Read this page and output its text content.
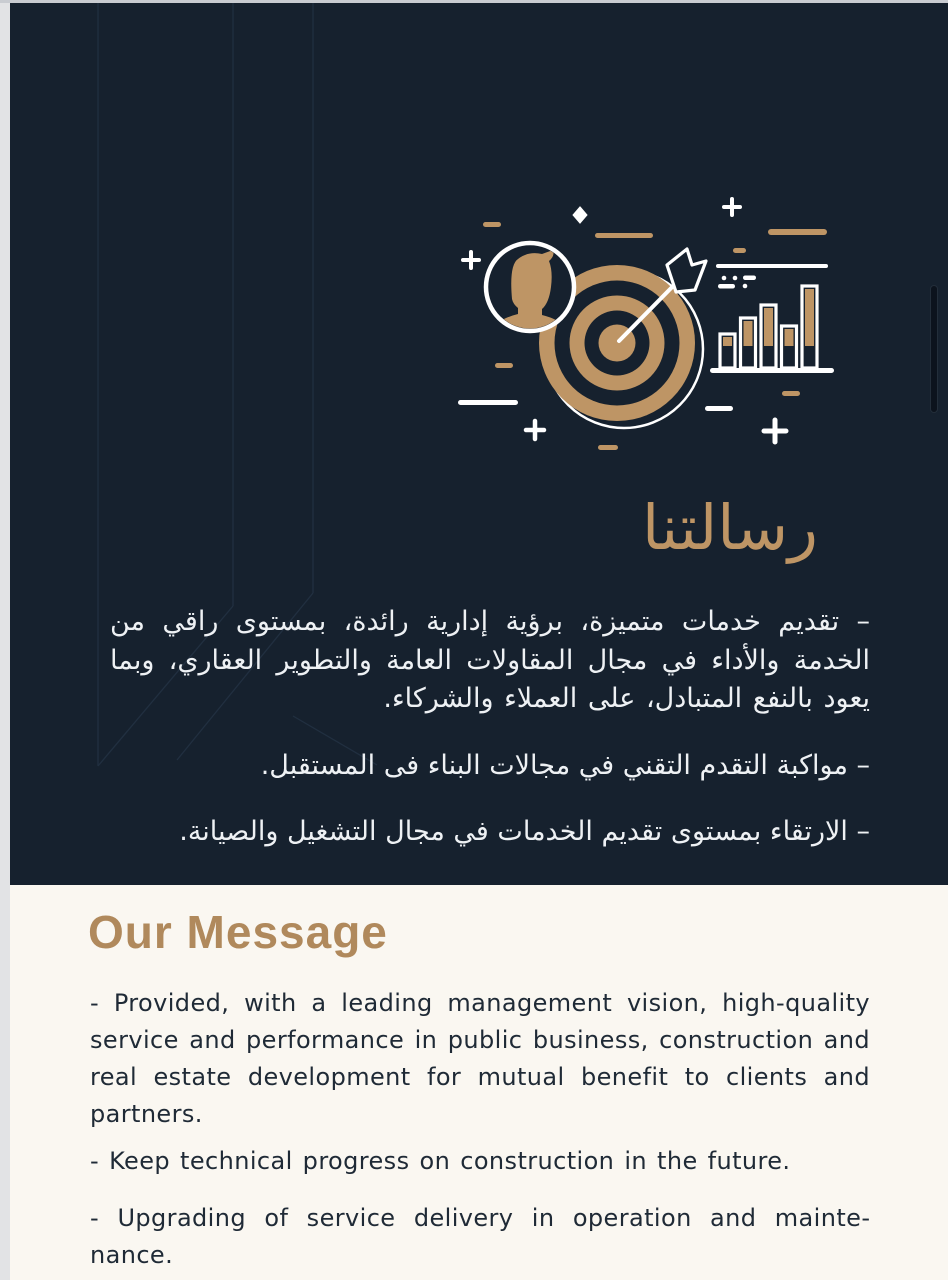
رسالتنا

– تقديم خدمات متميزة، برؤية إدارية رائدة، بمستوى راقي من الخدمة والأداء في مجال المقاولات العامة والتطوير العقاري، وبما يعود بالنفع المتبادل، على العملاء والشركاء.

– مواكبة التقدم التقني في مجالات البناء فى المستقبل.

– الارتقاء بمستوى تقديم الخدمات في مجال التشغيل والصيانة.

Our Message

- Provided, with a leading management vision, high-quality service and performance in public business, construction and real estate development for mutual benefit to clients and partners.

- Keep technical progress on construction in the future.

- Upgrading of service delivery in operation and maintenance.
